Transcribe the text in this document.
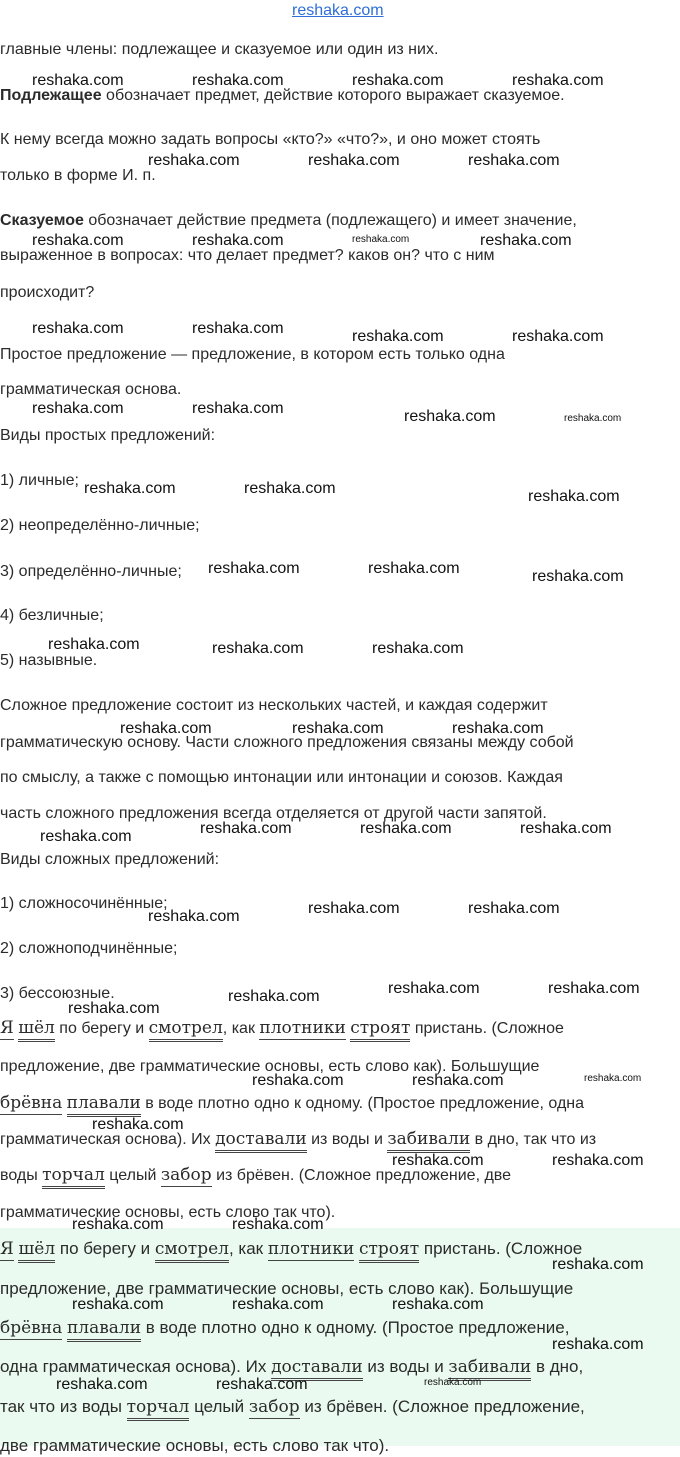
reshaka.com
главные члены: подлежащее и сказуемое или один из них.
Подлежащее обозначает предмет, действие которого выражает сказуемое.
К нему всегда можно задать вопросы «кто?» «что?», и оно может стоять
только в форме И. п.
Сказуемое обозначает действие предмета (подлежащего) и имеет значение,
выраженное в вопросах: что делает предмет? каков он? что с ним
происходит?
Простое предложение — предложение, в котором есть только одна
грамматическая основа.
Виды простых предложений:
1) личные;
2) неопределённо-личные;
3) определённо-личные;
4) безличные;
5) назывные.
Сложное предложение состоит из нескольких частей, и каждая содержит
грамматическую основу. Части сложного предложения связаны между собой
по смыслу, а также с помощью интонации или интонации и союзов. Каждая
часть сложного предложения всегда отделяется от другой части запятой.
Виды сложных предложений:
1) сложносочинённые;
2) сложноподчинённые;
3) бессоюзные.
Я шёл по берегу и смотрел, как плотники строят пристань. (Сложное
предложение, две грамматические основы, есть слово как). Большущие
брёвна плавали в воде плотно одно к одному. (Простое предложение, одна
грамматическая основа). Их доставали из воды и забивали в дно, так что из
воды торчал целый забор из брёвен. (Сложное предложение, две
грамматические основы, есть слово так что).
Я шёл по берегу и смотрел, как плотники строят пристань. (Сложное
предложение, две грамматические основы, есть слово как). Большущие
брёвна плавали в воде плотно одно к одному. (Простое предложение,
одна грамматическая основа). Их доставали из воды и забивали в дно,
так что из воды торчал целый забор из брёвен. (Сложное предложение,
две грамматические основы, есть слово так что).
reshaka.com	reshaka.com	reshaka.com	reshaka.com
reshaka.com	reshaka.com	reshaka.com
reshaka.com	reshaka.com	reshaka.com	reshaka.com
reshaka.com	reshaka.com	reshaka.com	reshaka.com
reshaka.com	reshaka.com	reshaka.com	reshaka.com
reshaka.com	reshaka.com	reshaka.com
reshaka.com	reshaka.com	reshaka.com
reshaka.com	reshaka.com	reshaka.com
reshaka.com	reshaka.com	reshaka.com
reshaka.com	reshaka.com	reshaka.com	reshaka.com
reshaka.com	reshaka.com	reshaka.com
reshaka.com
reshaka.com	reshaka.com	reshaka.com
reshaka.com	reshaka.com	reshaka.com
reshaka.com
reshaka.com	reshaka.com
reshaka.com	reshaka.com
reshaka.com
reshaka.com	reshaka.com	reshaka.com
reshaka.com
reshaka.com	reshaka.com	reshaka.com
